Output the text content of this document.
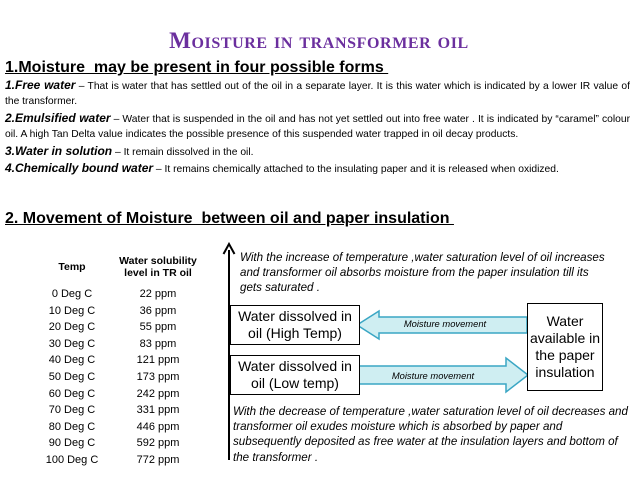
Moisture in transformer oil
1.Moisture  may be present in four possible forms

1.Free water – That is water that has settled out of the oil in a separate layer. It is this water which is indicated by a lower IR value of the transformer.

2.Emulsified water – Water that is suspended in the oil and has not yet settled out into free water . It is indicated by “caramel” colour oil. A high Tan Delta value indicates the possible presence of this suspended water trapped in oil decay products.

3.Water in solution – It remain dissolved in the oil.

4.Chemically bound water – It remains chemically attached to the insulating paper and it is released when oxidized.

2. Movement of Moisture  between oil and paper insulation
Temp	Water solubility level in TR oil
0 Deg C	22 ppm
10 Deg C	36 ppm
20 Deg C	55 ppm
30 Deg C	83 ppm
40 Deg C	121 ppm
50 Deg C	173 ppm
60 Deg C	242 ppm
70 Deg C	331 ppm
80 Deg C	446 ppm
90 Deg C	592 ppm
100 Deg C	772 ppm
With the increase of temperature ,water saturation level of oil increases and transformer oil absorbs moisture from the paper insulation till its gets saturated .
Moisture movement
Moisture movement
Water dissolved in oil (High Temp)
Water dissolved in oil (Low temp)
Water available in the paper insulation
With the decrease of temperature ,water saturation level of oil decreases and transformer oil exudes moisture which is absorbed by paper and subsequently deposited as free water at the insulation layers and bottom of the transformer .
